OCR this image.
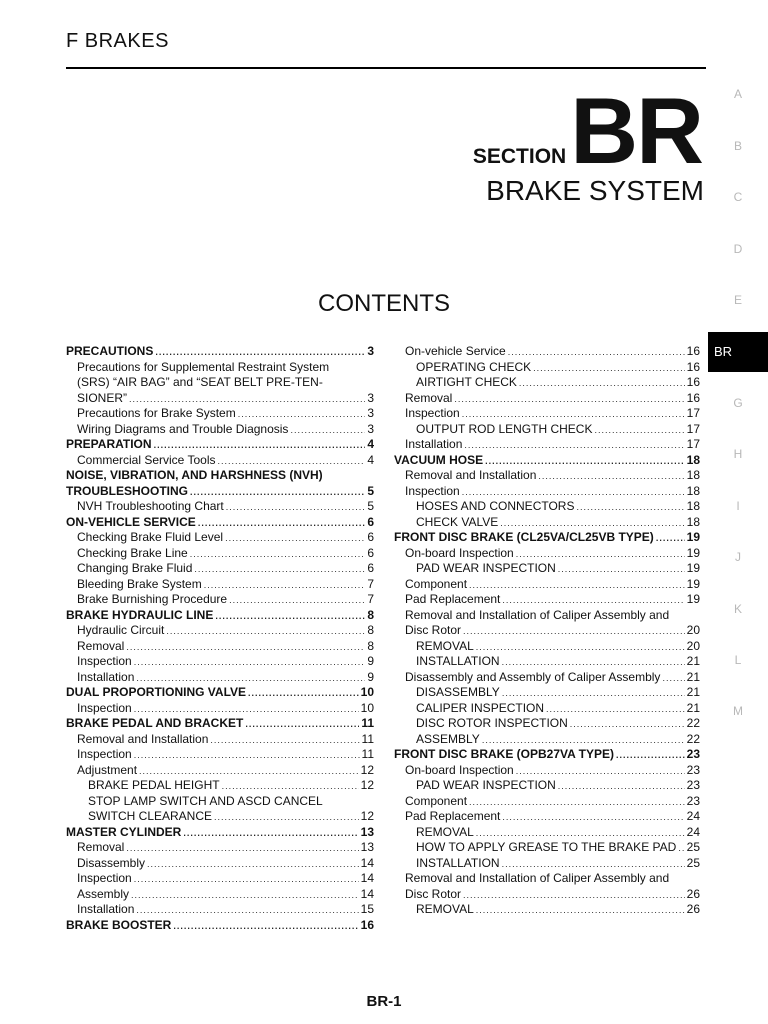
F BRAKES
SECTIONBR
BRAKE SYSTEM
CONTENTS
A
B
C
D
E
BR
G
H
I
J
K
L
M
PRECAUTIONS .....	3
Precautions for Supplemental Restraint System
(SRS) “AIR BAG” and “SEAT BELT PRE-TEN-
SIONER” .....	3
Precautions for Brake System .....	3
Wiring Diagrams and Trouble Diagnosis .....	3
PREPARATION .....	4
Commercial Service Tools .....	4
NOISE, VIBRATION, AND HARSHNESS (NVH)
TROUBLESHOOTING .....	5
NVH Troubleshooting Chart .....	5
ON-VEHICLE SERVICE .....	6
Checking Brake Fluid Level .....	6
Checking Brake Line .....	6
Changing Brake Fluid .....	6
Bleeding Brake System .....	7
Brake Burnishing Procedure .....	7
BRAKE HYDRAULIC LINE .....	8
Hydraulic Circuit .....	8
Removal .....	8
Inspection .....	9
Installation .....	9
DUAL PROPORTIONING VALVE .....	10
Inspection .....	10
BRAKE PEDAL AND BRACKET .....	11
Removal and Installation .....	11
Inspection .....	11
Adjustment .....	12
BRAKE PEDAL HEIGHT .....	12
STOP LAMP SWITCH AND ASCD CANCEL
SWITCH CLEARANCE .....	12
MASTER CYLINDER .....	13
Removal .....	13
Disassembly .....	14
Inspection .....	14
Assembly .....	14
Installation .....	15
BRAKE BOOSTER .....	16
On-vehicle Service .....	16
OPERATING CHECK .....	16
AIRTIGHT CHECK .....	16
Removal .....	16
Inspection .....	17
OUTPUT ROD LENGTH CHECK .....	17
Installation .....	17
VACUUM HOSE .....	18
Removal and Installation .....	18
Inspection .....	18
HOSES AND CONNECTORS .....	18
CHECK VALVE .....	18
FRONT DISC BRAKE (CL25VA/CL25VB TYPE) .....	19
On-board Inspection .....	19
PAD WEAR INSPECTION .....	19
Component .....	19
Pad Replacement .....	19
Removal and Installation of Caliper Assembly and
Disc Rotor .....	20
REMOVAL .....	20
INSTALLATION .....	21
Disassembly and Assembly of Caliper Assembly ..... 21
DISASSEMBLY .....	21
CALIPER INSPECTION .....	21
DISC ROTOR INSPECTION .....	22
ASSEMBLY .....	22
FRONT DISC BRAKE (OPB27VA TYPE) .....	23
On-board Inspection .....	23
PAD WEAR INSPECTION .....	23
Component .....	23
Pad Replacement .....	24
REMOVAL .....	24
HOW TO APPLY GREASE TO THE BRAKE PAD ..... 25
INSTALLATION .....	25
Removal and Installation of Caliper Assembly and
Disc Rotor .....	26
REMOVAL .....	26
BR-1
